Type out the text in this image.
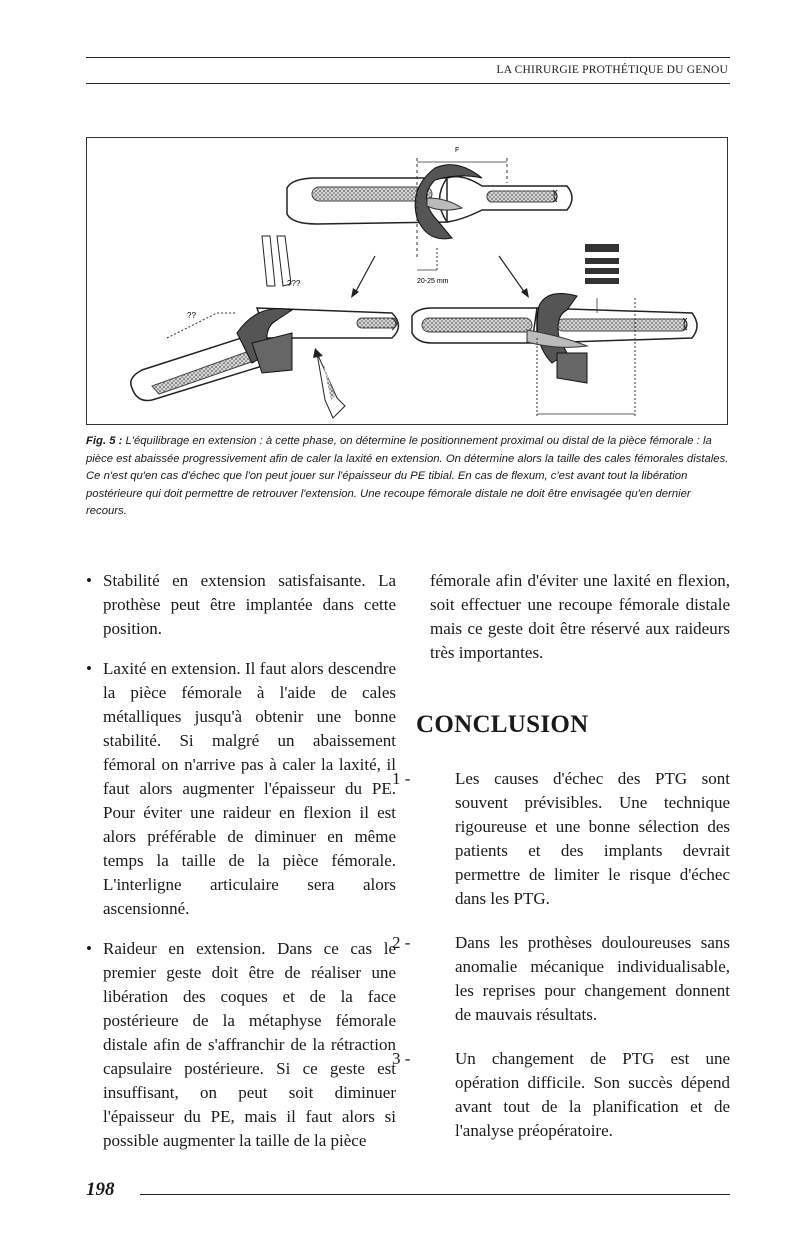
LA CHIRURGIE PROTHÉTIQUE DU GENOU
F
20-25 mm
???
??
Fig. 5 : L'équilibrage en extension : à cette phase, on détermine le positionnement proximal ou distal de la pièce fémorale : la pièce est abaissée progressivement afin de caler la laxité en extension. On détermine alors la taille des cales fémorales distales. Ce n'est qu'en cas d'échec que l'on peut jouer sur l'épaisseur du PE tibial. En cas de flexum, c'est avant tout la libération postérieure qui doit permettre de retrouver l'extension. Une recoupe fémorale distale ne doit être envisagée qu'en dernier recours.
• Stabilité en extension satisfaisante. La prothèse peut être implantée dans cette position.
• Laxité en extension. Il faut alors descendre la pièce fémorale à l'aide de cales métalliques jusqu'à obtenir une bonne stabilité. Si malgré un abaissement fémoral on n'arrive pas à caler la laxité, il faut alors augmenter l'épaisseur du PE. Pour éviter une raideur en flexion il est alors préférable de diminuer en même temps la taille de la pièce fémorale. L'interligne articulaire sera alors ascensionné.
• Raideur en extension. Dans ce cas le premier geste doit être de réaliser une libération des coques et de la face postérieure de la métaphyse fémorale distale afin de s'affranchir de la rétraction capsulaire postérieure. Si ce geste est insuffisant, on peut soit diminuer l'épaisseur du PE, mais il faut alors si possible augmenter la taille de la pièce

fémorale afin d'éviter une laxité en flexion, soit effectuer une recoupe fémorale distale mais ce geste doit être réservé aux raideurs très importantes.

CONCLUSION
1 -	Les causes d'échec des PTG sont souvent prévisibles. Une technique rigoureuse et une bonne sélection des patients et des implants devrait permettre de limiter le risque d'échec dans les PTG.
2 -	Dans les prothèses douloureuses sans anomalie mécanique individualisable, les reprises pour changement donnent de mauvais résultats.
3 -	Un changement de PTG est une opération difficile. Son succès dépend avant tout de la planification et de l'analyse préopératoire.
198
